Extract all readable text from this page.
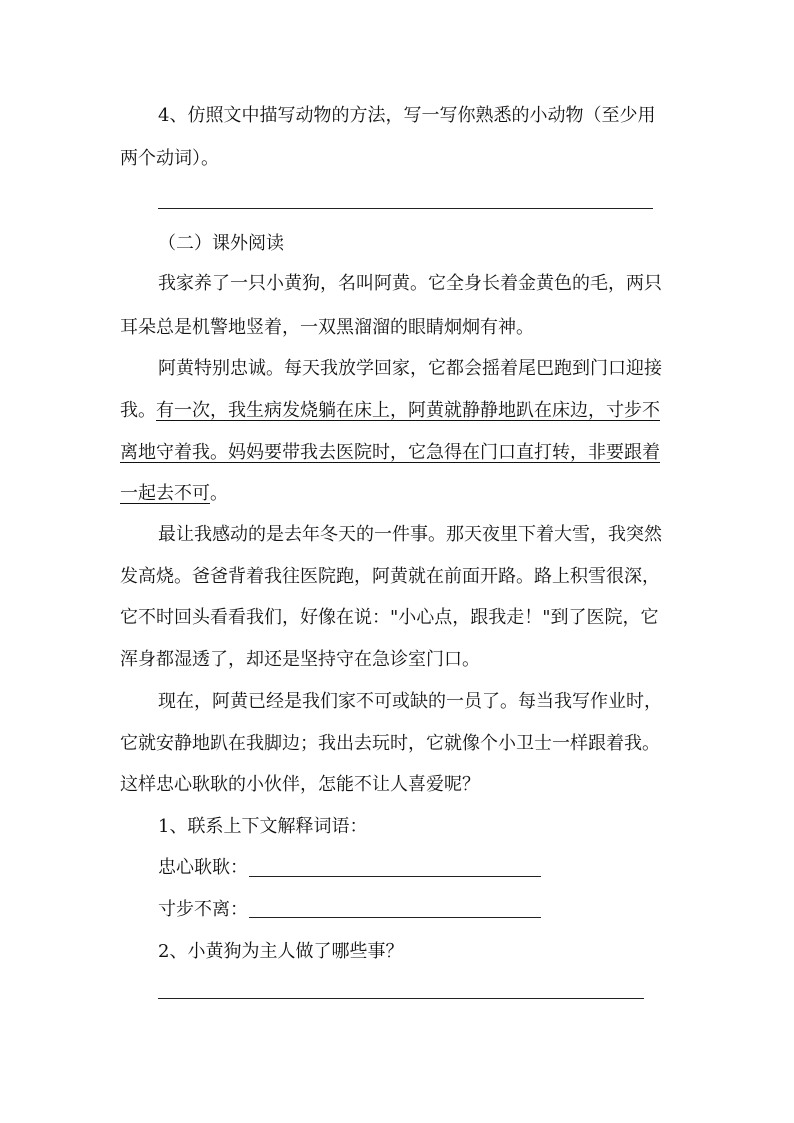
4、仿照文中描写动物的方法，写一写你熟悉的小动物（至少用
两个动词）。
（二）课外阅读
我家养了一只小黄狗，名叫阿黄。它全身长着金黄色的毛，两只
耳朵总是机警地竖着，一双黑溜溜的眼睛炯炯有神。
阿黄特别忠诚。每天我放学回家，它都会摇着尾巴跑到门口迎接
我。有一次，我生病发烧躺在床上，阿黄就静静地趴在床边，寸步不
离地守着我。妈妈要带我去医院时，它急得在门口直打转，非要跟着
一起去不可。
最让我感动的是去年冬天的一件事。那天夜里下着大雪，我突然
发高烧。爸爸背着我往医院跑，阿黄就在前面开路。路上积雪很深，
它不时回头看看我们，好像在说："小心点，跟我走！"到了医院，它
浑身都湿透了，却还是坚持守在急诊室门口。
现在，阿黄已经是我们家不可或缺的一员了。每当我写作业时，
它就安静地趴在我脚边；我出去玩时，它就像个小卫士一样跟着我。
这样忠心耿耿的小伙伴，怎能不让人喜爱呢？
1、联系上下文解释词语：
忠心耿耿：
寸步不离：
2、小黄狗为主人做了哪些事？
